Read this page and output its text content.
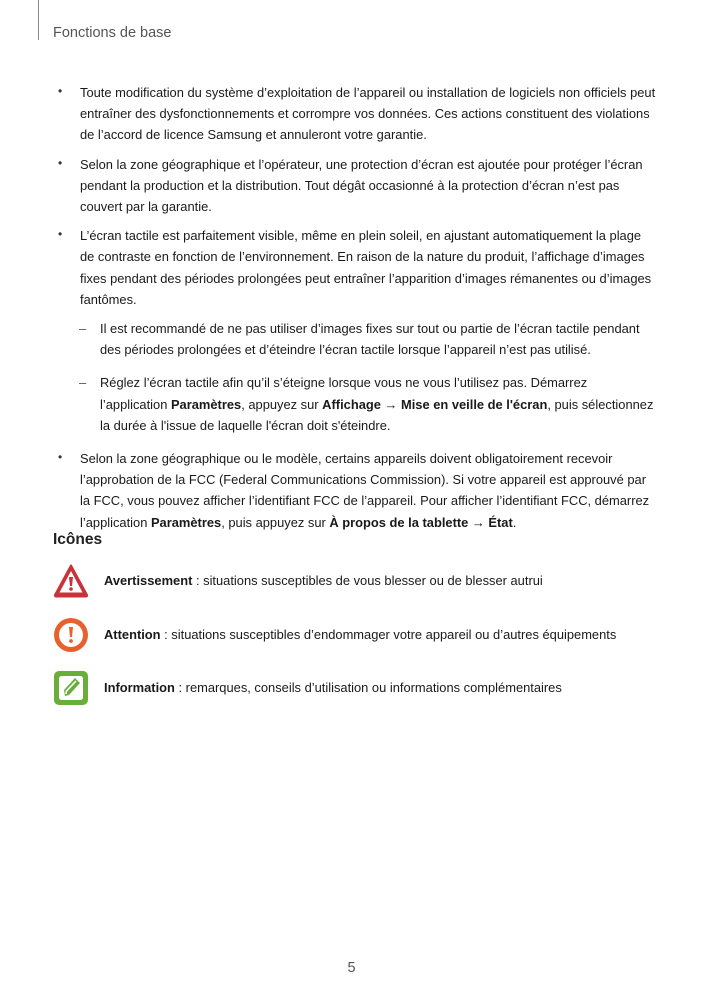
Fonctions de base
• Toute modification du système d’exploitation de l’appareil ou installation de logiciels non officiels peut entraîner des dysfonctionnements et corrompre vos données. Ces actions constituent des violations de l’accord de licence Samsung et annuleront votre garantie.
• Selon la zone géographique et l’opérateur, une protection d’écran est ajoutée pour protéger l’écran pendant la production et la distribution. Tout dégât occasionné à la protection d’écran n’est pas couvert par la garantie.
• L’écran tactile est parfaitement visible, même en plein soleil, en ajustant automatiquement la plage de contraste en fonction de l’environnement. En raison de la nature du produit, l’affichage d’images fixes pendant des périodes prolongées peut entraîner l’apparition d’images rémanentes ou d’images fantômes.
– Il est recommandé de ne pas utiliser d’images fixes sur tout ou partie de l’écran tactile pendant des périodes prolongées et d’éteindre l’écran tactile lorsque l’appareil n’est pas utilisé.
– Réglez l’écran tactile afin qu’il s’éteigne lorsque vous ne vous l’utilisez pas. Démarrez l’application Paramètres, appuyez sur Affichage → Mise en veille de l'écran, puis sélectionnez la durée à l'issue de laquelle l'écran doit s'éteindre.
• Selon la zone géographique ou le modèle, certains appareils doivent obligatoirement recevoir l’approbation de la FCC (Federal Communications Commission). Si votre appareil est approuvé par la FCC, vous pouvez afficher l’identifiant FCC de l’appareil. Pour afficher l’identifiant FCC, démarrez l’application Paramètres, puis appuyez sur À propos de la tablette → État.
Icônes
Avertissement : situations susceptibles de vous blesser ou de blesser autrui
Attention : situations susceptibles d’endommager votre appareil ou d’autres équipements
Information : remarques, conseils d’utilisation ou informations complémentaires
5
